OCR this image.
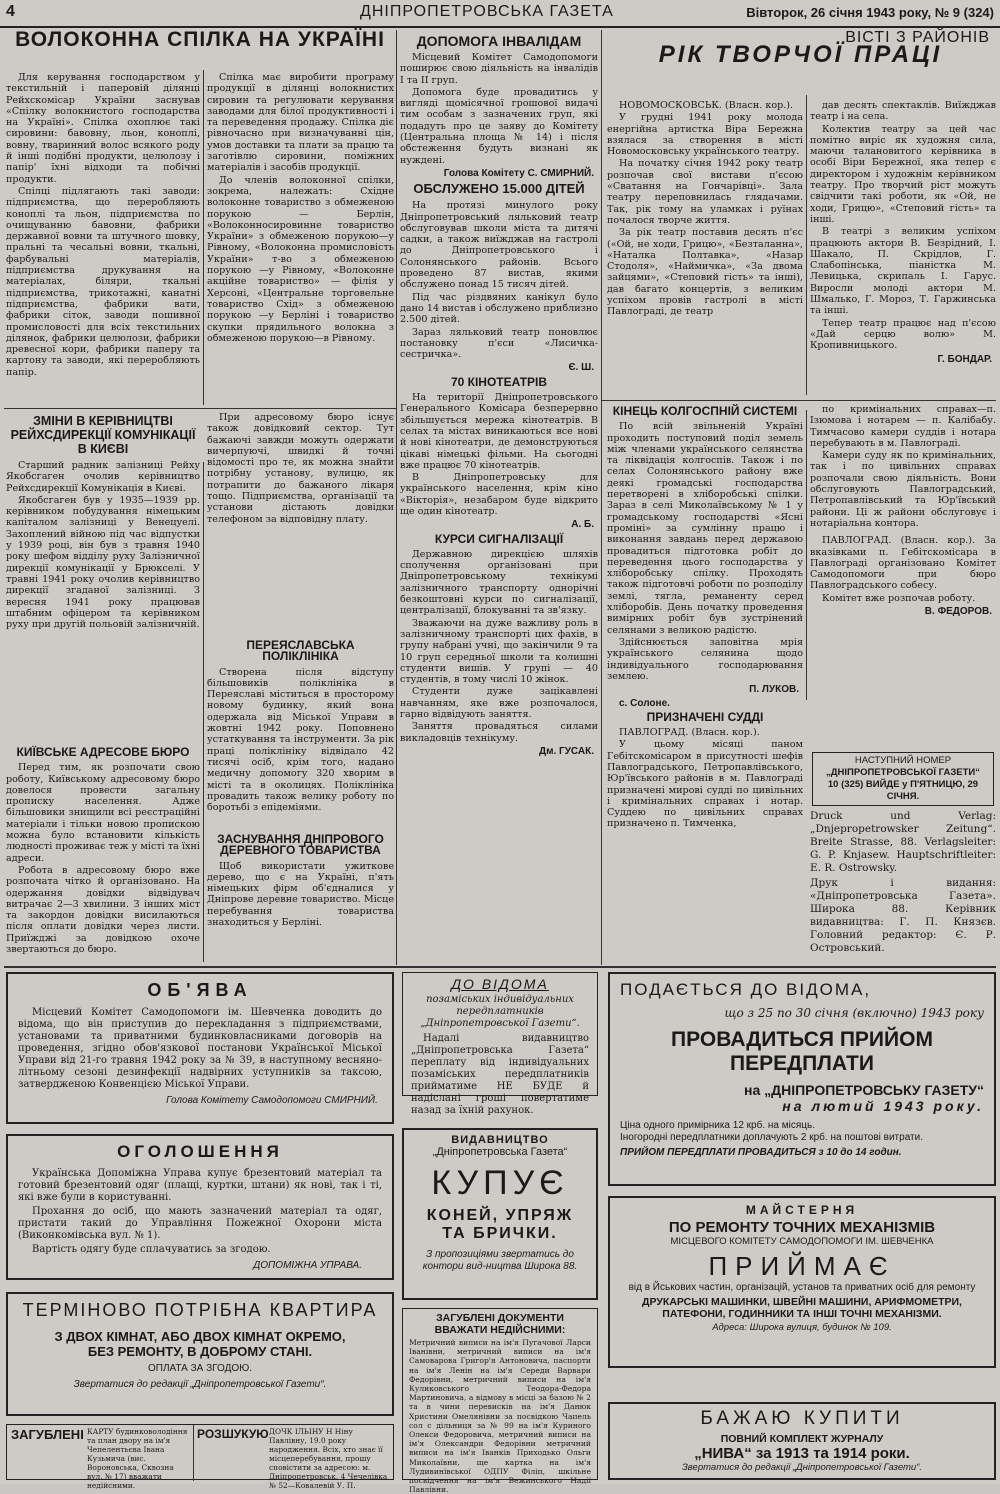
4	ДНІПРОПЕТРОВСЬКА ГАЗЕТА	Вівторок, 26 січня 1943 року, № 9 (324)
ВОЛОКОННА СПІЛКА НА УКРАЇНІ

Для керування господарством у текстильній і паперовій ділянці Рейхскомісар України заснував «Спілку волокнистого господарства на Україні». Спілка охоплює такі сировини: бавовну, льон, коноплі, вовну, тваринний волос всякого роду й інші подібні продукти, целюлозу і папір' їхні відходи та побічні продукти.

Спілці підлягають такі заводи: підприємства, що переробляють коноплі та льон, підприємства по очищуванню бавовни, фабрики державної вовни та штучного шовку, пральні та чесальні вовни, ткальні, фарбувальні матеріалів, підприємства друкування на матеріалах, біляри, ткальні підприємства, трикотажні, канатні підприємства, фабрики вати, фабрики сіток, заводи пошивної промисловості для всіх текстильних ділянок, фабрики целюлози, фабрики древесної кори, фабрики паперу та картону та заводи, які переробляють папір.

Спілка має виробити програму продукції в ділянці волокнистих сировин та регулювати керування заводами для білої продуктивності і та переведення продажу. Спілка діє рівночасно при визначуванні цін, умов доставки та плати за працю та заготівлю сировини, поміжних матеріалів і засобів продукції.

До членів волоконної спілки, зокрема, належать: Східне волоконне товариство з обмеженою порукою — Берлін, «Волоконносировинне товариство України» з обмеженою порукою—у Рівному, «Волоконна промисловість України» т-во з обмеженою порукою —у Рівному, «Волоконне акційне товариство» — філія у Херсоні, «Центральне торговельне товариство Схід» з обмеженою порукою —у Берліні і товариство скупки прядильного волокна з обмеженою порукою—в Рівному.

ЗМІНИ В КЕРІВНИЦТВІ РЕЙХСДИРЕКЦІЇ КОМУНІКАЦІЇ В КИЄВІ

Старший радник залізниці Рейху Якобсгаген очолив керівництво Рейхсдирекції Комунікація в Києві.

Якобсгаген був у 1935—1939 рр. керівником побудування німецьким капіталом залізниці у Венецуелі. Захоплений війною під час відпустки у 1939 році, він був з травня 1940 року шефом відділу руху Залізничної дирекції комунікації у Брюкселі. У травні 1941 року очолив керівництво дирекції згаданої залізниці. З вересня 1941 року працював штабним офіцером та керівником руху при другій польовій залізничній.

КИЇВСЬКЕ АДРЕСОВЕ БЮРО

Перед тим, як розпочати свою роботу, Київському адресовому бюро довелося провести загальну прописку населення. Адже більшовики знищили всі реєстраційні матеріали і тільки новою пропискою можна було встановити кількість людності проживає теж у місті та їхні адреси.

Робота в адресовому бюро вже розпочата чітко й організовано. На одержання довідки відвідувач витрачає 2—3 хвилини. З інших міст та закордон довідки висилаються після оплати довідки через листи. Приїжджі за довідкою охоче звертаються до бюро.

При адресовому бюро існує також довідковий сектор. Тут бажаючі завжди можуть одержати вичерпуючі, швидкі й точні відомості про те, як можна знайти потрібну установу, вулицю, як потрапити до бажаного лікаря тощо. Підприємства, організації та установи дістають довідки телефоном за відповідну плату.

ПЕРЕЯСЛАВСЬКА ПОЛІКЛІНІКА

Створена після відступу більшовиків поліклініка в Переяславі міститься в просторому новому будинку, який вона одержала від Міської Управи в жовтні 1942 року. Поповнено устаткування та інструменти. За рік праці поліклініку відвідало 42 тисячі осіб, крім того, надано медичну допомогу 320 хворим в місті та в околицях. Поліклініка провадить також велику роботу по боротьбі з епідеміями.

ЗАСНУВАННЯ ДНІПРОВОГО ДЕРЕВНОГО ТОВАРИСТВА

Щоб використати ужиткове дерево, що є на Україні, п'ять німецьких фірм об'єдналися у Дніпрове деревне товариство. Місце перебування товариства знаходиться у Берліні.

ДОПОМОГА ІНВАЛІДАМ

Місцевий Комітет Самодопомоги поширює свою діяльність на інвалідів І та ІІ груп.

Допомога буде провадитись у вигляді щомісячної грошової видачі тим особам з зазначених груп, які подадуть про це заяву до Комітету (Центральна площа № 14) і після обстеження будуть визнані як нуждені.

Голова Комітету С. СМИРНИЙ.
ОБСЛУЖЕНО 15.000 ДІТЕЙ

На протязі минулого року Дніпропетровський ляльковий театр обслуговував школи міста та дитячі садки, а також виїжджав на гастролі до Дніпропетровського і Солонянського районів. Всього проведено 87 вистав, якими обслужено понад 15 тисяч дітей.

Під час різдвяних канікул було дано 14 вистав і обслужено приблизно 2.500 дітей.

Зараз ляльковий театр поновлює постановку п'єси «Лисичка-сестричка».

Є. Ш.
70 КІНОТЕАТРІВ

На території Дніпропетровського Генерального Комісара безперервно збільшується мережа кінотеатрів. В селах та містах виникаються все нові й нові кінотеатри, де демонструються цікаві німецькі фільми. На сьогодні вже працює 70 кінотеатрів.

В Дніпропетровську для українського населення, крім кіно «Вікторія», незабаром буде відкрито ще один кінотеатр.

А. Б.
КУРСИ СИГНАЛІЗАЦІЇ

Державною дирекцією шляхів сполучення організовані при Дніпропетровському технікумі залізничного транспорту однорічні безкоштовні курси по сигналізації, централізації, блокуванні та зв'язку.

Зважаючи на дуже важливу роль в залізничному транспорті цих фахів, в групу набрані учні, що закінчили 9 та 10 груп середньої школи та колишні студенти вишів. У групі — 40 студентів, в тому числі 10 жінок.

Студенти дуже зацікавлені навчанням, яке вже розпочалося, гарно відвідують заняття.

Заняття провадяться силами викладовців технікуму.

Дм. ГУСАК.
ВІСТІ З РАЙОНІВ
РІК ТВОРЧОЇ ПРАЦІ

НОВОМОСКОВСЬК. (Власн. кор.).

У грудні 1941 року молода енергійна артистка Віра Бережна взялася за створення в місті Новомосковську українського театру.

На початку січня 1942 року театр розпочав свої вистави п'єсою «Сватання на Гончарівці». Зала театру переповнилась глядачами. Так, рік тому на уламках і руїнах почалося творче життя.

За рік театр поставив десять п'єс («Ой, не ходи, Грицю», «Безталанна», «Наталка Полтавка», «Назар Стодоля», «Наймичка», «За двома зайцями», «Степовий гість» та інші), дав багато концертів, з великим успіхом провів гастролі в місті Павлограді, де театр

дав десять спектаклів. Виїжджав театр і на села.

Колектив театру за цей час помітно виріс як художня сила, маючи талановитого керівника в особі Віри Бережної, яка тепер є директором і художнім керівником театру. Про творчий ріст можуть свідчити такі роботи, як «Ой, не ходи, Грицю», «Степовий гість» та інші.

В театрі з великим успіхом працюють актори В. Безрідний, І. Шакало, П. Скрідлов, Г. Слабопінська, піаністка М. Левицька, скрипаль І. Гарус. Виросли молоді актори М. Шмалько, Г. Мороз, Т. Гаржинська та інші.

Тепер театр працює над п'єсою «Дай серцю волю» М. Кропивницького.

Г. БОНДАР.
КІНЕЦЬ КОЛГОСПНІЙ СИСТЕМІ

По всій звільненій Україні проходить поступовий поділ земель між членами українського селянства та ліквідація колгоспів. Також і по селах Солонянського району вже деякі громадські господарства перетворені в хліборобські спілки. Зараз в селі Миколаївському № 1 у громадському господарстві «Ясні проміні» за сумлінну працю і виконання завдань перед державою провадиться підготовка робіт до переведення цього господарства у хліборобську спілку. Проходять також підготовчі роботи по розподілу землі, тягла, реманенту серед хліборобів. День початку проведення вимірних робіт був зустрінений селянами з великою радістю.

Здійснюється заповітна мрія українського селянина щодо індивідуального господарювання землею.

П. ЛУКОВ.
с. Солоне.
ПРИЗНАЧЕНІ СУДДІ

ПАВЛОГРАД. (Власн. кор.).

У цьому місяці паном Гебітскомісаром в присутності шефів Павлоградського, Петропавлівського, Юр'ївського районів в м. Павлограді призначені мирові судді по цивільних і кримінальних справах і нотар. Суддею по цивільних справах призначено п. Тимченка,

по кримінальних справах—п. Ізюмова і нотарем — п. Калібабу. Тимчасово камери суддів і нотара перебувають в м. Павлограді.

Камери суду як по кримінальних, так і по цивільних справах розпочали свою діяльність. Вони обслуговують Павлоградський, Петропавлівський та Юр'ївський райони. Ці ж райони обслуговує і нотаріальна контора.

ПАВЛОГРАД. (Власн. кор.). За вказівками п. Гебітскомісара в Павлограді організовано Комітет Самодопомоги при бюро Павлоградського собесу.

Комітет вже розпочав роботу.

В. ФЕДОРОВ.
НАСТУПНИЙ НОМЕР
„ДНІПРОПЕТРОВСЬКОЇ ГАЗЕТИ“
10 (325) ВИЙДЕ у П'ЯТНИЦЮ, 29 СІЧНЯ.

Druck und Verlag: „Dnjepropetrowsker Zeitung“. Breite Strasse, 88. Verlagsleiter: G. P. Knjasew. Hauptschriftleiter: E. R. Ostrowsky.

Друк і видання: «Дніпропетровська Газета». Широка 88. Керівник видавництва: Г. П. Князєв. Головний редактор: Є. Р. Островський.

ОБ'ЯВА
Місцевий Комітет Самодопомоги ім. Шевченка доводить до відома, що він приступив до перекладання з підприємствами, установами та приватними будинковласниками договорів на проведення, згідно обов'язкової постанови Української Міської Управи від 21-го травня 1942 року за № 39, в наступному весняно-літньому сезоні дезинфекції надвірних уступників за таксою, затвердженою Конвенцією Міської Управи.
Голова Комітету Самодопомоги СМИРНИЙ.
ОГОЛОШЕННЯ
Українська Допоміжна Управа купує брезентовий матеріал та готовий брезентовий одяг (плащі, куртки, штани) як нові, так і ті, які вже були в користуванні.
Прохання до осіб, що мають зазначений матеріал та одяг, пристати такий до Управління Пожежної Охорони міста (Виконкомівська вул. № 1).
Вартість одягу буде сплачуватись за згодою.
ДОПОМІЖНА УПРАВА.
ТЕРМІНОВО ПОТРІБНА КВАРТИРА
З ДВОХ КІМНАТ, АБО ДВОХ КІМНАТ ОКРЕМО,
БЕЗ РЕМОНТУ, В ДОБРОМУ СТАНІ.
ОПЛАТА ЗА ЗГОДОЮ.
Звертатися до редакції „Дніпропетровської Газети“.
ЗАГУБЛЕНІ КАРТУ будинковолодіння та план двору на ім'я Чепелентьєва Івана Кузьмича (вис. Вороновська, Сквозна вул. № 17) вважати недійсними.
РОЗШУКУЮ ДОЧК ІЛЬІНУ Н Ніну Павлівну, 19.0 року народження. Всіх, хто знає її місцеперебування, прошу сповістити за адресою: м. Дніпропетровськ, 4 Чечелівка № 52—Ковалевій У. П.
ДО ВІДОМА
позаміських індивідуальних передплатників „Дніпропетровської Газети“.
Надалі видавництво „Дніпропетровська Газета“ переплату від індивідуальних позаміських передплатників прийматиме НЕ БУДЕ й надіслані гроші повертатиме назад за їхній рахунок.
ВИДАВНИЦТВО
„Дніпропетровська Газета“
КУПУЄ
КОНЕЙ, УПРЯЖ
ТА БРИЧКИ.
З пропозиціями звертатись до контори вид-ництва Широка 88.
ЗАГУБЛЕНІ ДОКУМЕНТИ ВВАЖАТИ НЕДІЙСНИМИ:
Метричний виписи на ім'я Пугачової Ларси Іванівни, метричний виписи на ім'я Самоварова Григор'я Антоновича, паспорти на ім'я Ленін на ім'я Середи Варвари Федорівни, метричний виписи на ім'я Куликовського Теодора-Федора Мартиновича, а відмову в місці за базою № 2 та в чини перевисків на ім'я Данюк Христини Омелянівни за посвідкою Чапель сол с дільниця за № 99 на ім'я Куриного Олекси Федоровича, метричний виписи на ім'я Олександри Федорівни метричний виписи на ім'я Іванків Приходько Ольги Миколаївни, ще картка на ім'я Лудивинівської ОДПУ Філіп, шкільне посвідчення на ім'я Вежинського Надії Павлівни.
ПОДАЄТЬСЯ ДО ВІДОМА,
що з 25 по 30 січня (включно) 1943 року
ПРОВАДИТЬСЯ ПРИЙОМ ПЕРЕДПЛАТИ
на „ДНІПРОПЕТРОВСЬКУ ГАЗЕТУ“
на лютий 1943 року.
Ціна одного примірника 12 крб. на місяць.
Іногородні передплатники доплачують 2 крб. на поштові витрати.
ПРИЙОМ ПЕРЕДПЛАТИ ПРОВАДИТЬСЯ з 10 до 14 годин.
МАЙСТЕРНЯ
ПО РЕМОНТУ ТОЧНИХ МЕХАНІЗМІВ
МІСЦЕВОГО КОМІТЕТУ САМОДОПОМОГИ ІМ. ШЕВЧЕНКА
ПРИЙМАЄ
від в Йськових частин, організацій, установ та приватних осіб для ремонту
ДРУКАРСЬКІ МАШИНКИ, ШВЕЙНІ МАШИНИ, АРИФМОМЕТРИ, ПАТЕФОНИ, ГОДИННИКИ ТА ІНШІ ТОЧНІ МЕХАНІЗМИ.
Адреса: Широка вулиця, будинок № 109.
БАЖАЮ КУПИТИ
ПОВНИЙ КОМПЛЕКТ ЖУРНАЛУ
„НИВА“ за 1913 та 1914 роки.
Звертатися до редакції „Дніпропетровської Газети“.
